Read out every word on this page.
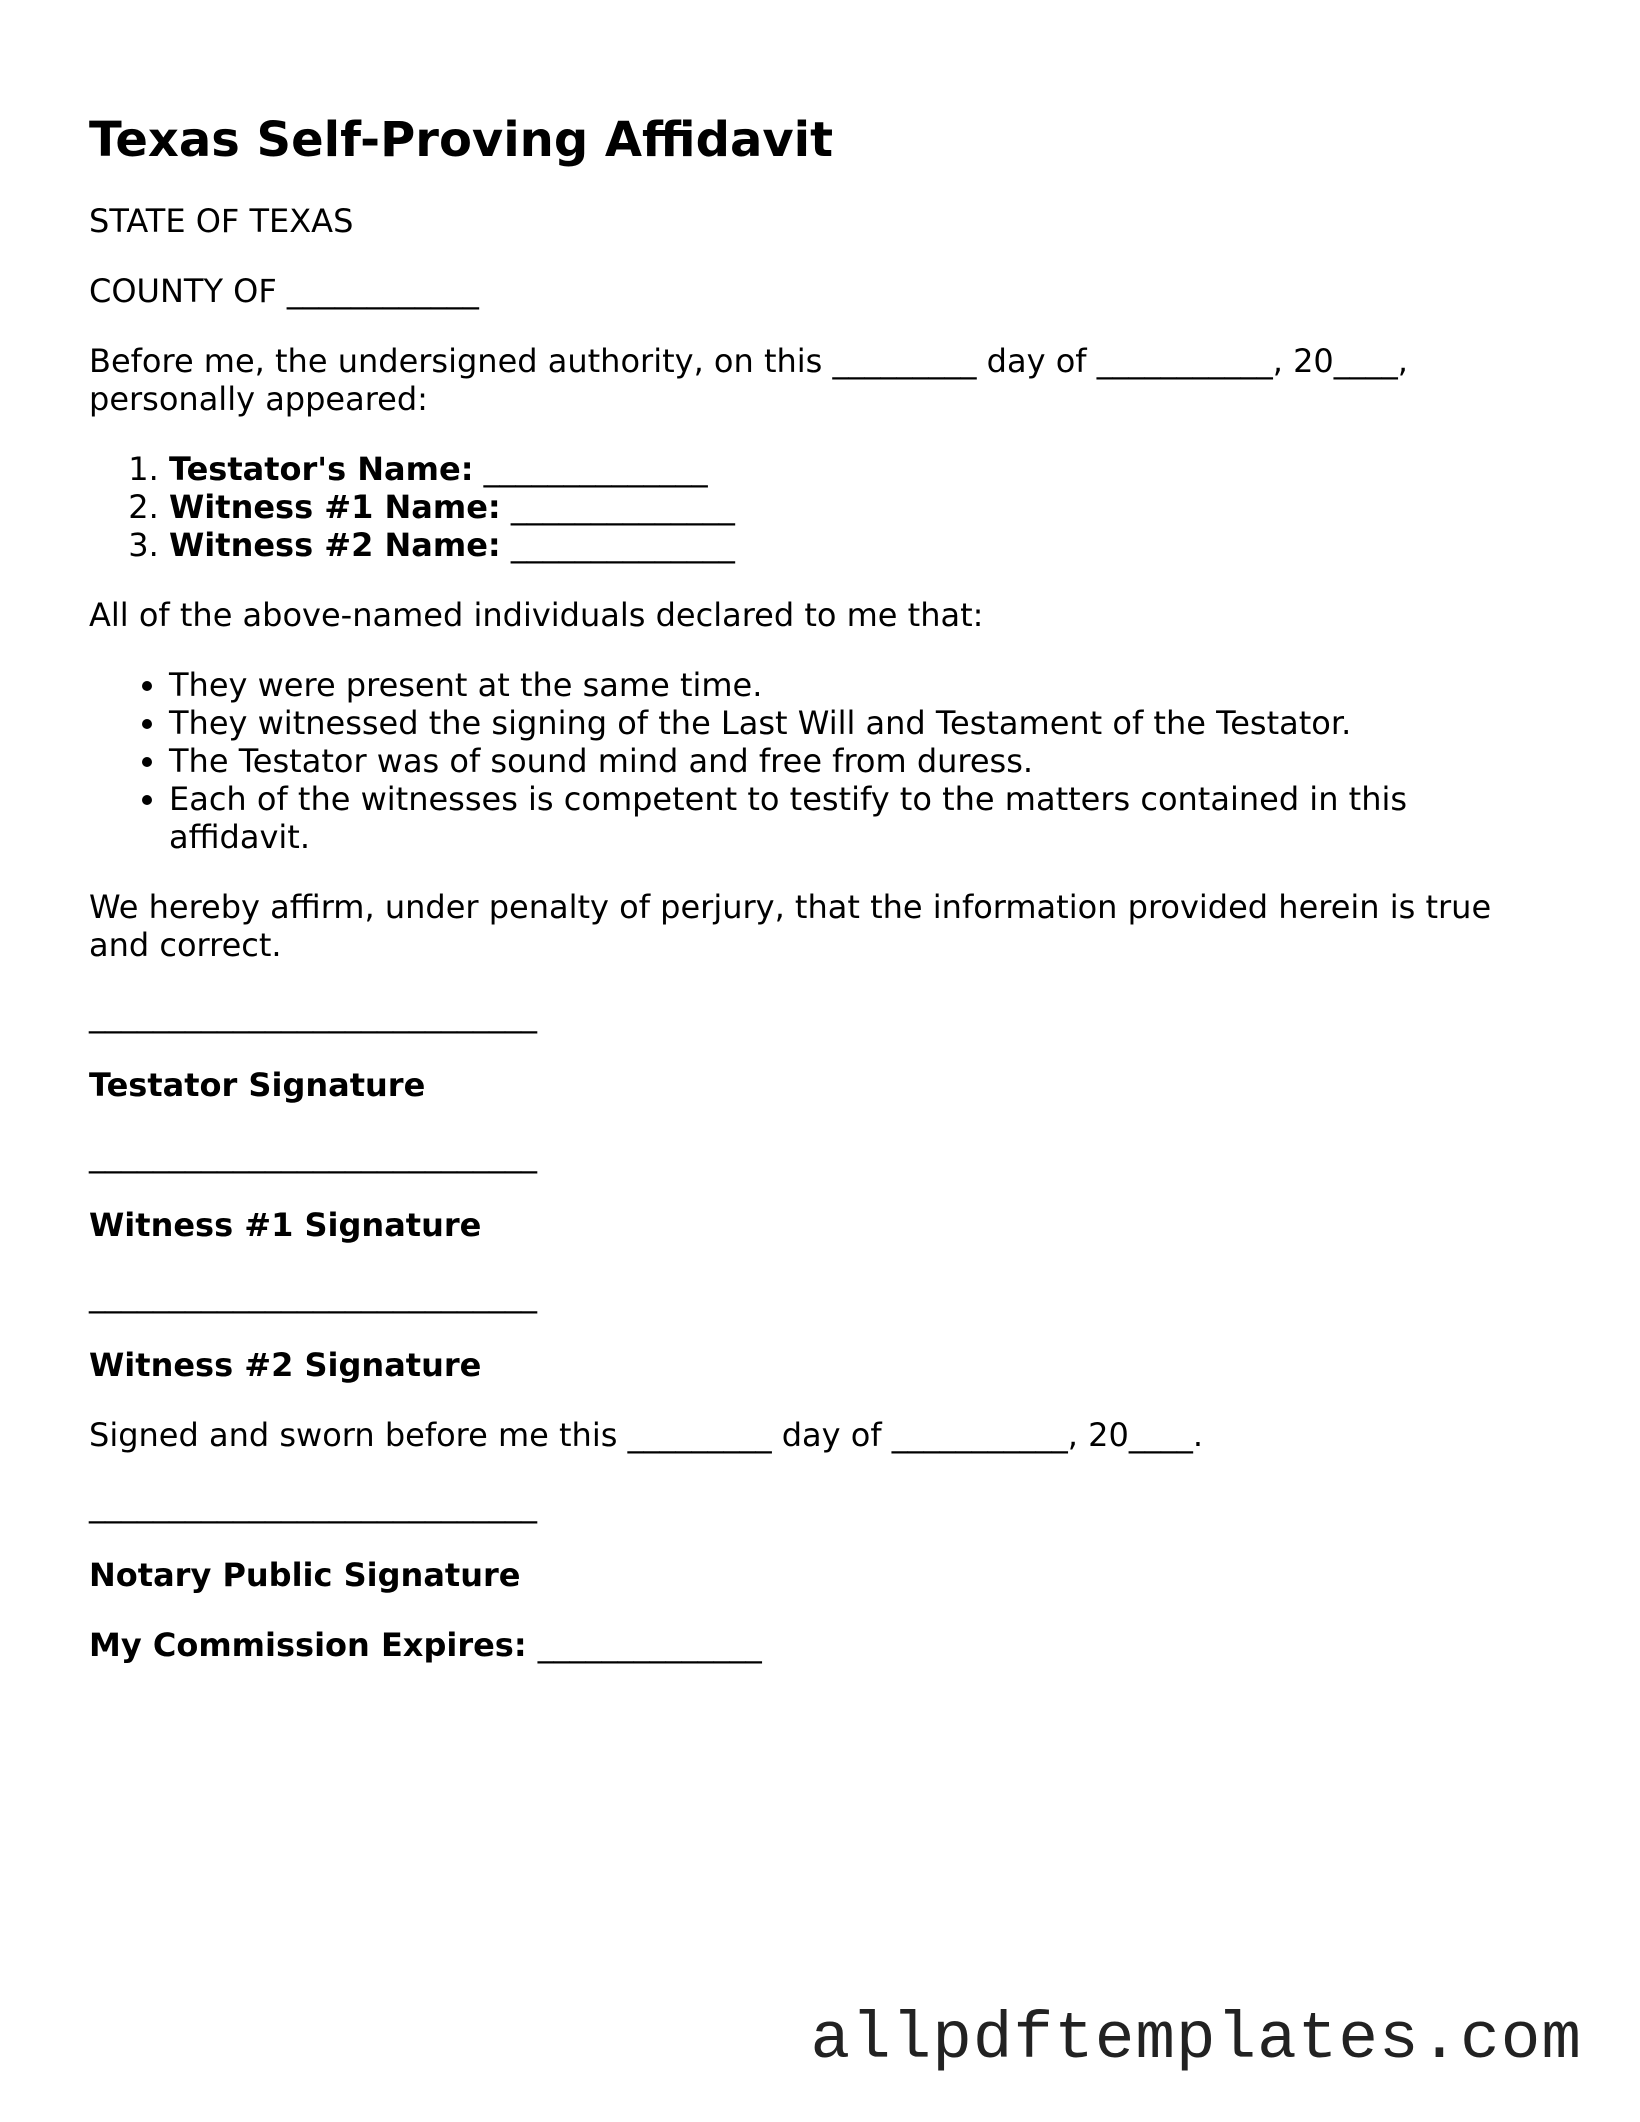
Texas Self-Proving Affidavit

STATE OF TEXAS

COUNTY OF ____________

Before me, the undersigned authority, on this _________ day of ___________, 20____, personally appeared:

1. Testator's Name: ______________
2. Witness #1 Name: ______________
3. Witness #2 Name: ______________

All of the above-named individuals declared to me that:

• They were present at the same time.
• They witnessed the signing of the Last Will and Testament of the Testator.
• The Testator was of sound mind and free from duress.
• Each of the witnesses is competent to testify to the matters contained in this affidavit.

We hereby affirm, under penalty of perjury, that the information provided herein is true and correct.

____________________________
Testator Signature
____________________________
Witness #1 Signature
____________________________
Witness #2 Signature

Signed and sworn before me this _________ day of ___________, 20____.

____________________________
Notary Public Signature
My Commission Expires: ______________
allpdftemplates.com
